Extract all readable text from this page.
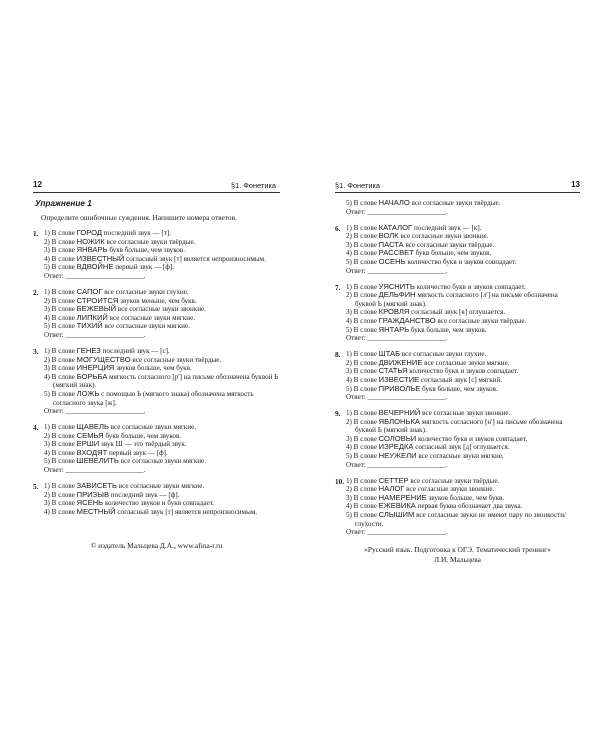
12	§1. Фонетика
Упражнение 1
Определите ошибочные суждения. Напишите номера ответов.
1. 1) В слове ГОРОД последний звук — [т].
2) В слове НОЖИК все согласные звуки твёрдые.
3) В слове ЯНВАРЬ букв больше, чем звуков.
4) В слове ИЗВЕСТНЫЙ согласный звук [т] является непроизносимым.
5) В слове ВДВОЙНЕ первый звук — [ф].
Ответ: ______________________.
2. 1) В слове САПОГ все согласные звуки глухие.
2) В слове СТРОИТСЯ звуков меньше, чем букв.
3) В слове БЕЖЕВЫЙ все согласные звуки звонкие.
4) В слове ЛИПКИЙ все согласные звуки мягкие.
5) В слове ТИХИЙ все согласные звуки мягкие.
Ответ: ______________________.
3. 1) В слове ГЕНЕЗ последний звук — [с].
2) В слове МОГУЩЕСТВО все согласные звуки твёрдые.
3) В слове ИНЕРЦИЯ звуков больше, чем букв.
4) В слове БОРЬБА мягкость согласного [р'] на письме обозначена буквой Ь (мягкий знак).
5) В слове ЛОЖЬ с помощью Ь (мягкого знака) обозначена мягкость согласного звука [ж].
Ответ: ______________________.
4. 1) В слове ЩАВЕЛЬ все согласные звуки мягкие.
2) В слове СЕМЬЯ букв больше, чем звуков.
3) В слове ЕРШИ звук Ш — это твёрдый звук.
4) В слове ВХОДЯТ первый звук — [ф].
5) В слове ШЕВЕЛИТЬ все согласные звуки мягкие.
Ответ: ______________________.
5. 1) В слове ЗАВИСЕТЬ все согласные звуки мягкие.
2) В слове ПРИЗЫВ последний звук — [ф].
3) В слове ЯСЕНЬ количество звуков и букв совпадает.
4) В слове МЕСТНЫЙ согласный звук [т] является непроизносимым.
© издатель Мальцева Д.А., www.afina-r.ru
§1. Фонетика	13
5) В слове НАЧАЛО все согласные звуки твёрдые.
Ответ: ______________________.
6. 1) В слове КАТАЛОГ последний звук — [к].
2) В слове ВОЛК все согласные звуки звонкие.
3) В слове ПАСТА все согласные звуки твёрдые.
4) В слове РАССВЕТ букв больше, чем звуков.
5) В слове ОСЕНЬ количество букв и звуков совпадает.
Ответ: ______________________.
7. 1) В слове УЯСНИТЬ количество букв и звуков совпадает.
2) В слове ДЕЛЬФИН мягкость согласного [л'] на письме обозначена буквой Ь (мягкий знак).
3) В слове КРОВЛЯ согласный звук [в] оглушается.
4) В слове ГРАЖДАНСТВО все согласные звуки твёрдые.
5) В слове ЯНТАРЬ букв больше, чем звуков.
Ответ: ______________________.
8. 1) В слове ШТАБ все согласные звуки глухие.
2) В слове ДВИЖЕНИЕ все согласные звуки мягкие.
3) В слове СТАТЬЯ количество букв и звуков совпадает.
4) В слове ИЗВЕСТИЕ согласный звук [с] мягкий.
5) В слове ПРИВОЛЬЕ букв больше, чем звуков.
Ответ: ______________________.
9. 1) В слове ВЕЧЕРНИЙ все согласные звуки звонкие.
2) В слове ЯБЛОНЬКА мягкость согласного [н'] на письме обозначена буквой Ь (мягкий знак).
3) В слове СОЛОВЬИ количество букв и звуков совпадает.
4) В слове ИЗРЕДКА согласный звук [д] оглушается.
5) В слове НЕУЖЕЛИ все согласные звуки мягкие.
Ответ: ______________________.
10. 1) В слове СЕТТЕР все согласные звуки твёрдые.
2) В слове НАЛОГ все согласные звуки звонкие.
3) В слове НАМЕРЕНИЕ звуков больше, чем букв.
4) В слове ЕЖЕВИКА первая буква обозначает два звука.
5) В слове СЛЫШИМ все согласные звуки не имеют пару по звонкости/глухости.
Ответ: ______________________.
«Русский язык. Подготовка к ОГЭ. Тематический тренинг»
Л.И. Мальцева
